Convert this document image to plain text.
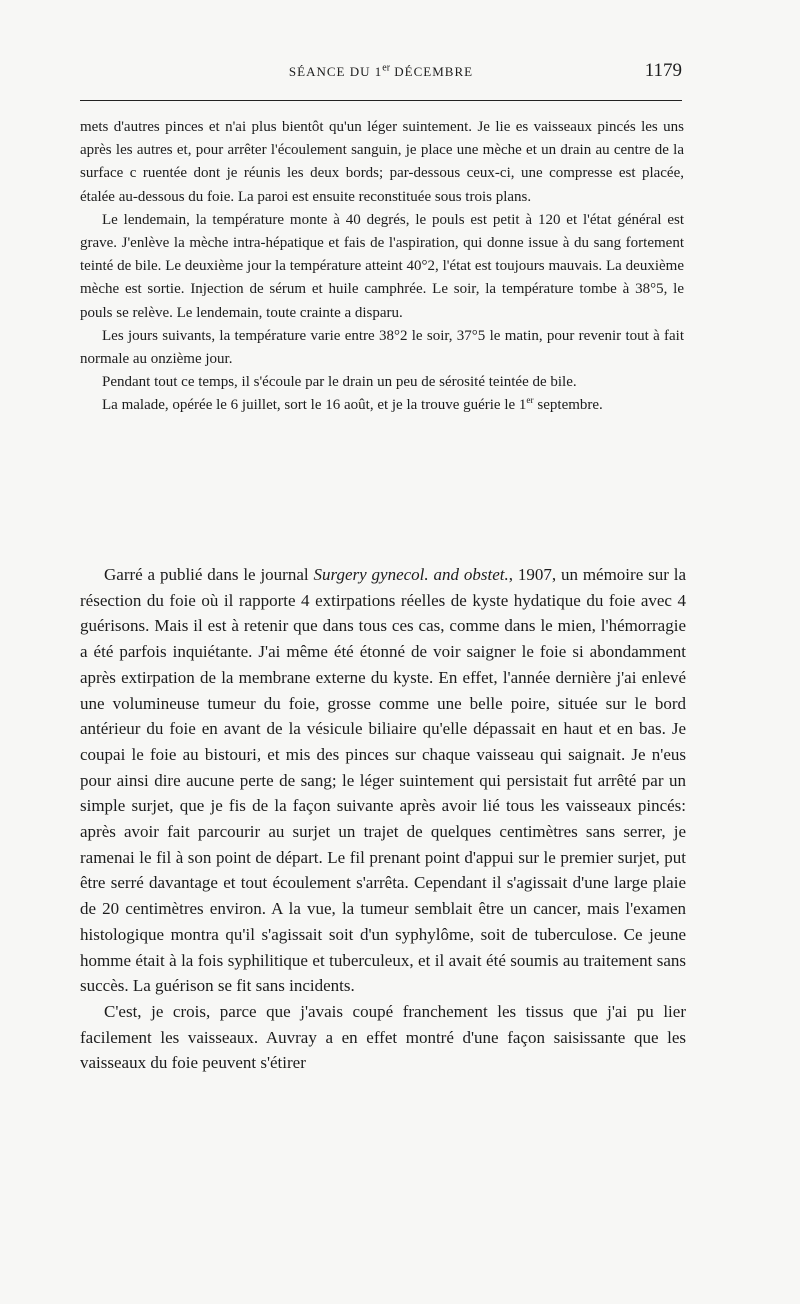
SÉANCE DU 1er DÉCEMBRE	1179

mets d'autres pinces et n'ai plus bientôt qu'un léger suintement. Je lie es vaisseaux pincés les uns après les autres et, pour arrêter l'écoulement sanguin, je place une mèche et un drain au centre de la surface c ruentée dont je réunis les deux bords; par-dessous ceux-ci, une compresse est placée, étalée au-dessous du foie. La paroi est ensuite reconstituée sous trois plans.

Le lendemain, la température monte à 40 degrés, le pouls est petit à 120 et l'état général est grave. J'enlève la mèche intra-hépatique et fais de l'aspiration, qui donne issue à du sang fortement teinté de bile. Le deuxième jour la température atteint 40°2, l'état est toujours mauvais. La deuxième mèche est sortie. Injection de sérum et huile camphrée. Le soir, la température tombe à 38°5, le pouls se relève. Le lendemain, toute crainte a disparu.

Les jours suivants, la température varie entre 38°2 le soir, 37°5 le matin, pour revenir tout à fait normale au onzième jour.

Pendant tout ce temps, il s'écoule par le drain un peu de sérosité teintée de bile.

La malade, opérée le 6 juillet, sort le 16 août, et je la trouve guérie le 1er septembre.

Garré a publié dans le journal Surgery gynecol. and obstet., 1907, un mémoire sur la résection du foie où il rapporte 4 extirpations réelles de kyste hydatique du foie avec 4 guérisons. Mais il est à retenir que dans tous ces cas, comme dans le mien, l'hémorragie a été parfois inquiétante. J'ai même été étonné de voir saigner le foie si abondamment après extirpation de la membrane externe du kyste. En effet, l'année dernière j'ai enlevé une volumineuse tumeur du foie, grosse comme une belle poire, située sur le bord antérieur du foie en avant de la vésicule biliaire qu'elle dépassait en haut et en bas. Je coupai le foie au bistouri, et mis des pinces sur chaque vaisseau qui saignait. Je n'eus pour ainsi dire aucune perte de sang; le léger suintement qui persistait fut arrêté par un simple surjet, que je fis de la façon suivante après avoir lié tous les vaisseaux pincés: après avoir fait parcourir au surjet un trajet de quelques centimètres sans serrer, je ramenai le fil à son point de départ. Le fil prenant point d'appui sur le premier surjet, put être serré davantage et tout écoulement s'arrêta. Cependant il s'agissait d'une large plaie de 20 centimètres environ. A la vue, la tumeur semblait être un cancer, mais l'examen histologique montra qu'il s'agissait soit d'un syphylôme, soit de tuberculose. Ce jeune homme était à la fois syphilitique et tuberculeux, et il avait été soumis au traitement sans succès. La guérison se fit sans incidents.

C'est, je crois, parce que j'avais coupé franchement les tissus que j'ai pu lier facilement les vaisseaux. Auvray a en effet montré d'une façon saisissante que les vaisseaux du foie peuvent s'étirer
